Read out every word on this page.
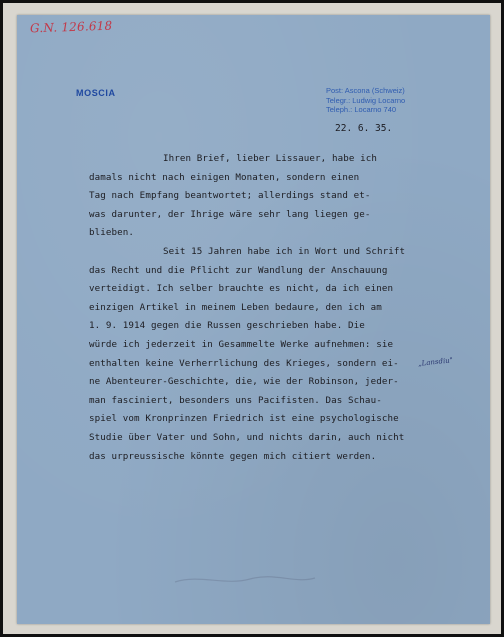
G.N. 126.618
MOSCIA	Post: Ascona (Schweiz)
Telegr.: Ludwig Locarno
Teleph.: Locarno 740
22. 6. 35.
Ihren Brief, lieber Lissauer, habe ich
damals nicht nach einigen Monaten, sondern einen
Tag nach Empfang beantwortet; allerdings stand et-
was darunter, der Ihrige wäre sehr lang liegen ge-
blieben.
Seit 15 Jahren habe ich in Wort und Schrift
das Recht und die Pflicht zur Wandlung der Anschauung
verteidigt. Ich selber brauchte es nicht, da ich einen
einzigen Artikel in meinem Leben bedaure, den ich am
1. 9. 1914 gegen die Russen geschrieben habe. Die
würde ich jederzeit in Gesammelte Werke aufnehmen: sie
enthalten keine Verherrlichung des Krieges, sondern ei-
ne Abenteurer-Geschichte, die, wie der Robinson, jeder-
man fasciniert, besonders uns Pacifisten. Das Schau-
spiel vom Kronprinzen Friedrich ist eine psychologische
Studie über Vater und Sohn, und nichts darin, auch nicht
das urpreussische könnte gegen mich citiert werden.
„Lansdiu"
